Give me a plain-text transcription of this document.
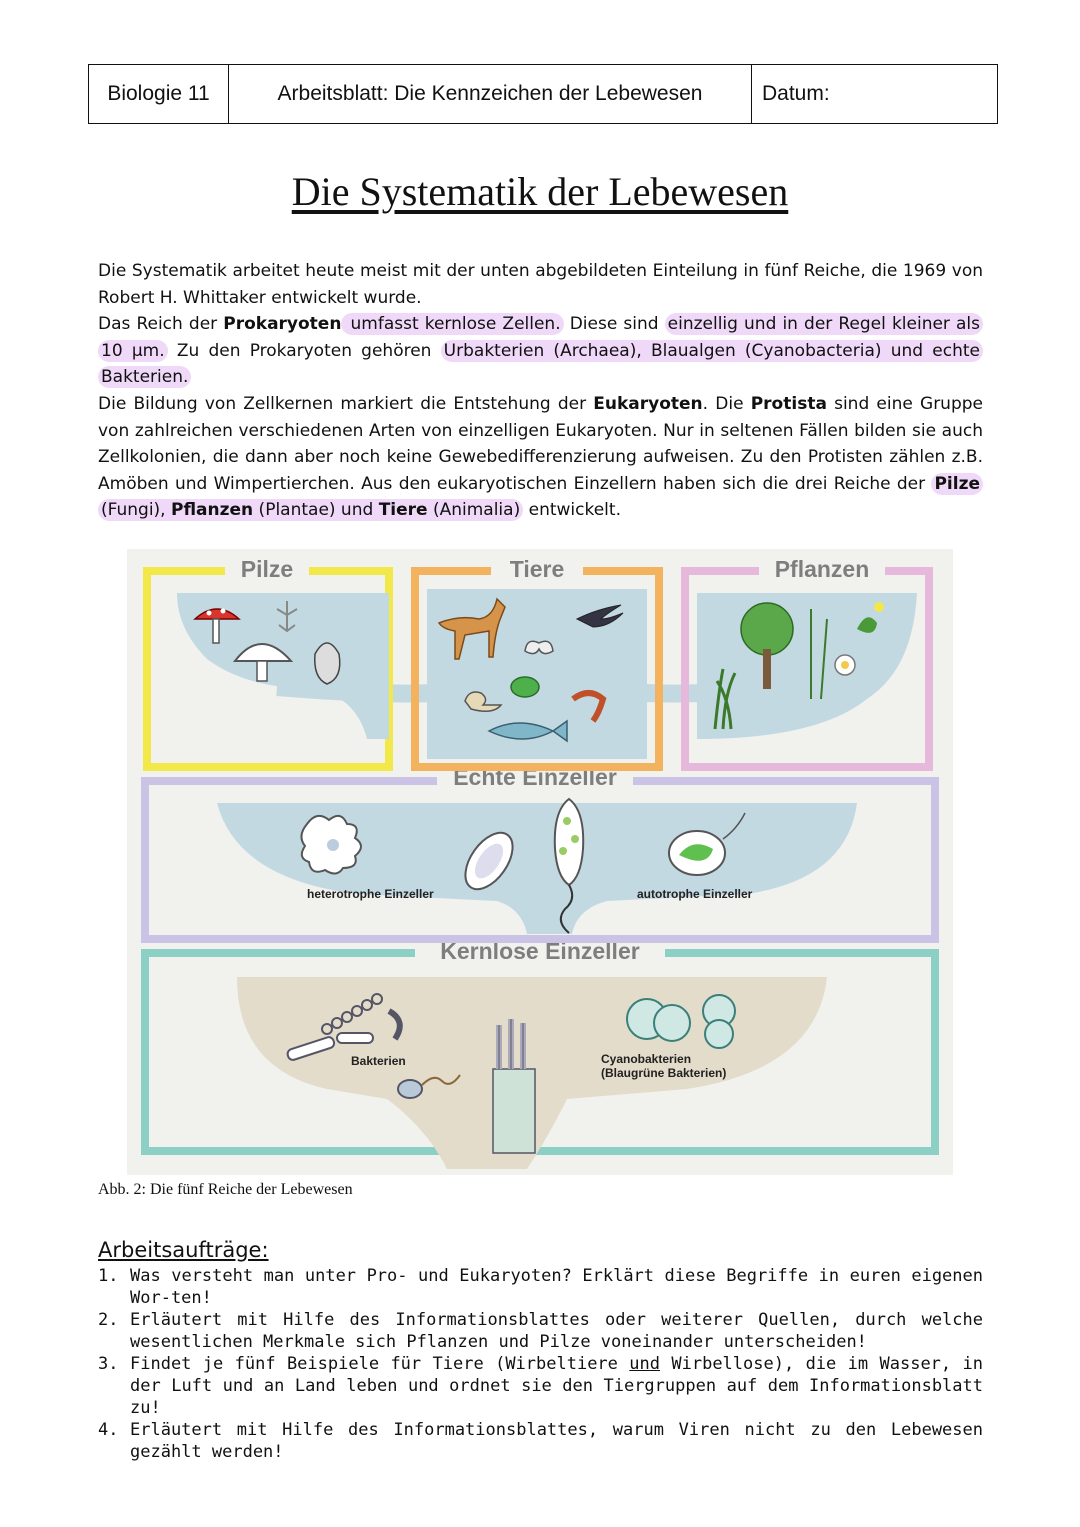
Biologie 11	Arbeitsblatt: Die Kennzeichen der Lebewesen	Datum:
Die Systematik der Lebewesen

Die Systematik arbeitet heute meist mit der unten abgebildeten Einteilung in fünf Reiche, die 1969 von Robert H. Whittaker entwickelt wurde.

Das Reich der Prokaryoten umfasst kernlose Zellen. Diese sind einzellig und in der Regel kleiner als 10 µm. Zu den Prokaryoten gehören Urbakterien (Archaea), Blaualgen (Cyanobacteria) und echte Bakterien.

Die Bildung von Zellkernen markiert die Entstehung der Eukaryoten. Die Protista sind eine Gruppe von zahlreichen verschiedenen Arten von einzelligen Eukaryoten. Nur in seltenen Fällen bilden sie auch Zellkolonien, die dann aber noch keine Gewebedifferenzierung aufweisen. Zu den Protisten zählen z.B. Amöben und Wimpertierchen. Aus den eukaryotischen Einzellern haben sich die drei Reiche der Pilze (Fungi), Pflanzen (Plantae) und Tiere (Animalia) entwickelt.

Kernlose Einzeller
Bakterien	Cyanobakterien
(Blaugrüne Bakterien)
Echte Einzeller
heterotrophe Einzeller	autotrophe Einzeller
Pilze	Tiere	Pflanzen
Abb. 2: Die fünf Reiche der Lebewesen
Arbeitsaufträge:
1. Was versteht man unter Pro- und Eukaryoten? Erklärt diese Begriffe in euren eigenen Wor-ten!
2. Erläutert mit Hilfe des Informationsblattes oder weiterer Quellen, durch welche wesentlichen Merkmale sich Pflanzen und Pilze voneinander unterscheiden!
3. Findet je fünf Beispiele für Tiere (Wirbeltiere und Wirbellose), die im Wasser, in der Luft und an Land leben und ordnet sie den Tiergruppen auf dem Informationsblatt zu!
4. Erläutert mit Hilfe des Informationsblattes, warum Viren nicht zu den Lebewesen gezählt werden!
